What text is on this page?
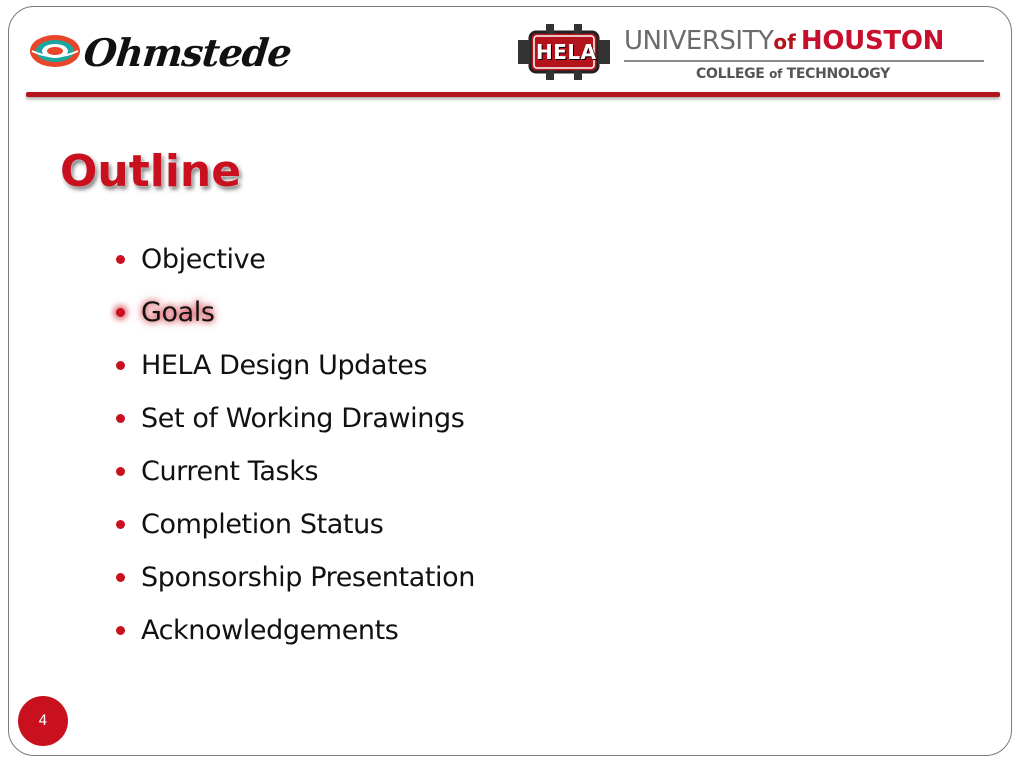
Ohmstede	HELA UNIVERSITYof HOUSTON
COLLEGE of TECHNOLOGY
Outline
Objective
Goals
HELA Design Updates
Set of Working Drawings
Current Tasks
Completion Status
Sponsorship Presentation
Acknowledgements
4
